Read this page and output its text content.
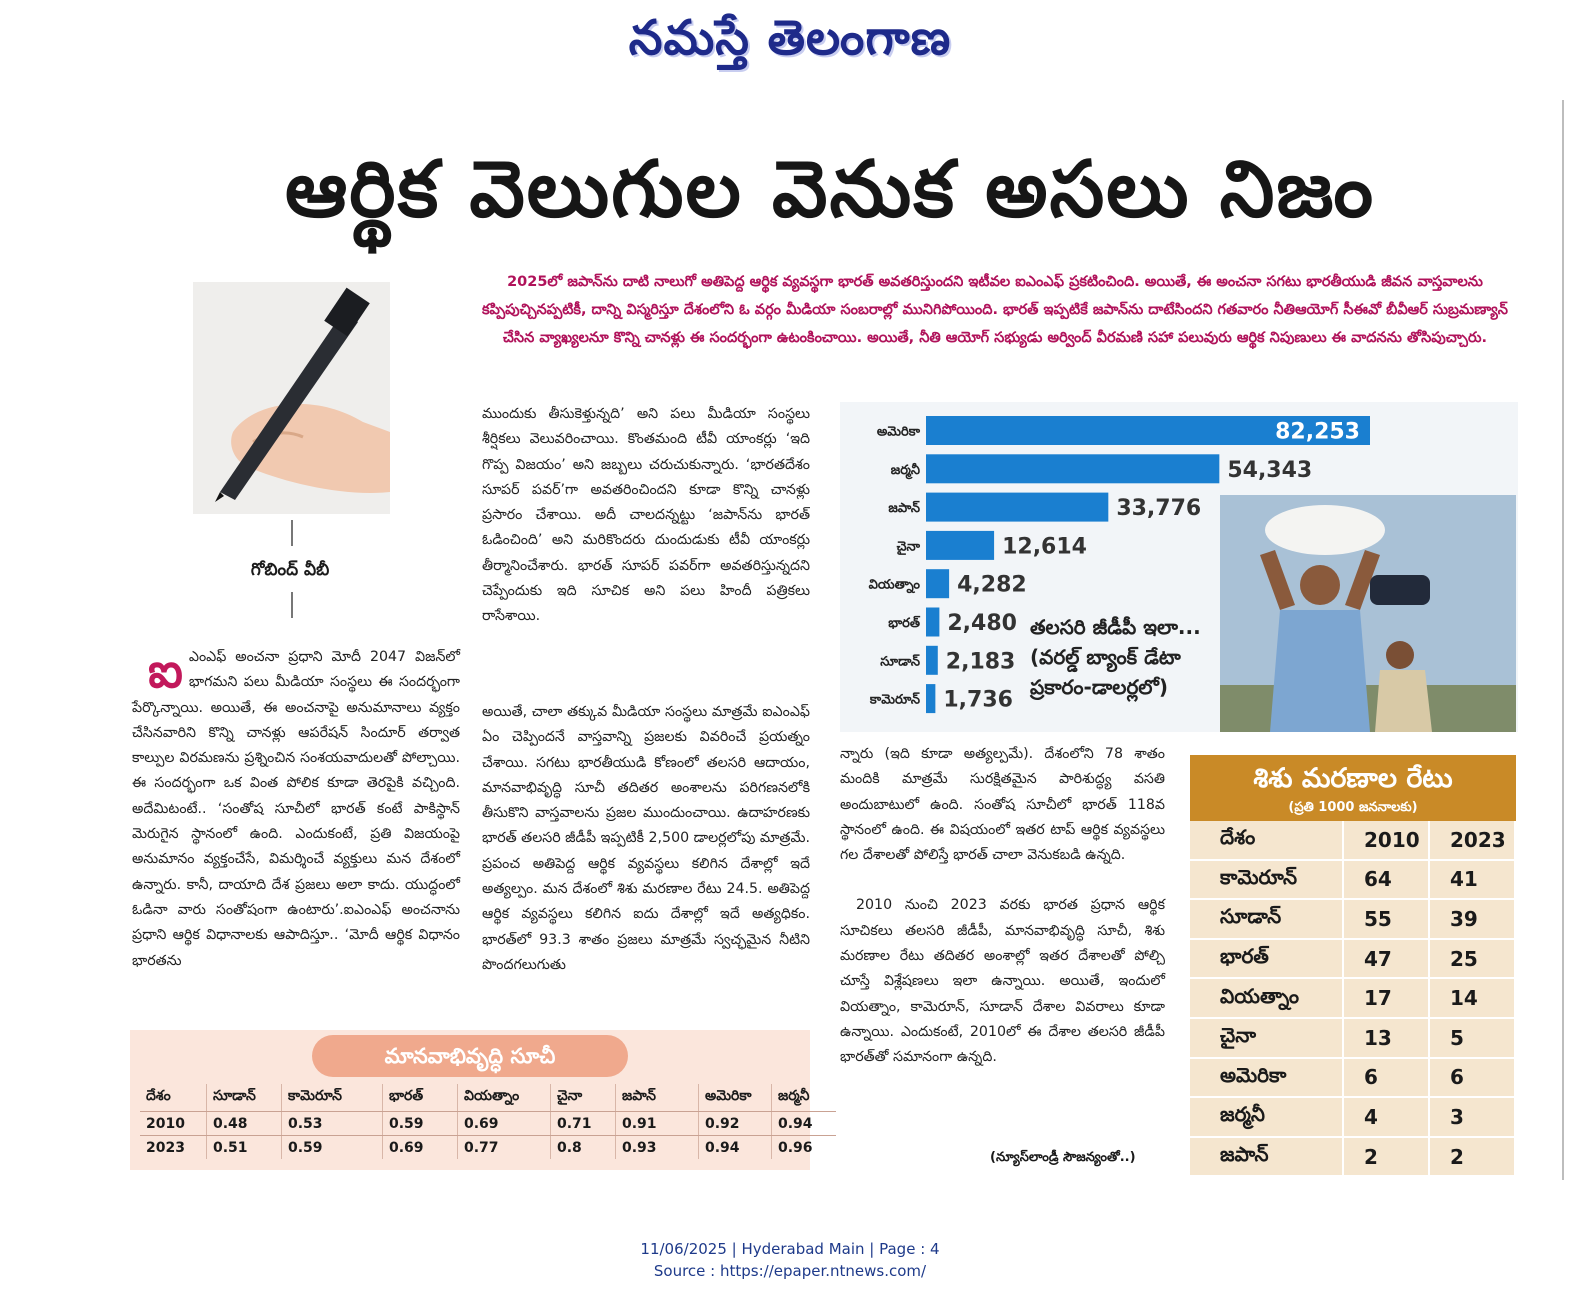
నమస్తే తెలంగాణ
ఆర్థిక వెలుగుల వెనుక అసలు నిజం
గోబింద్ వీబీ
2025లో జపాన్‌ను దాటి నాలుగో అతిపెద్ద ఆర్థిక వ్యవస్థగా భారత్ అవతరిస్తుందని ఇటీవల ఐఎంఎఫ్ ప్రకటించింది. అయితే, ఈ అంచనా సగటు భారతీయుడి జీవన వాస్తవాలను కప్పిపుచ్చినప్పటికీ, దాన్ని విస్మరిస్తూ దేశంలోని ఓ వర్గం మీడియా సంబరాల్లో మునిగిపోయింది. భారత్ ఇప్పటికే జపాన్‌ను దాటేసిందని గతవారం నీతిఆయోగ్ సీఈవో బీవీఆర్ సుబ్రమణ్యాన్ చేసిన వ్యాఖ్యలనూ కొన్ని చానళ్లు ఈ సందర్భంగా ఉటంకించాయి. అయితే, నీతి ఆయోగ్ సభ్యుడు అర్వింద్ వీరమణి సహా పలువురు ఆర్థిక నిపుణులు ఈ వాదనను తోసిపుచ్చారు.
ఐఎంఎఫ్ అంచనా ప్రధాని మోదీ 2047 విజన్‌లో భాగమని పలు మీడియా సంస్థలు ఈ సందర్భంగా పేర్కొన్నాయి. అయితే, ఈ అంచనాపై అనుమానాలు వ్యక్తం చేసినవారిని కొన్ని చానళ్లు ఆపరేషన్ సిందూర్ తర్వాత కాల్పుల విరమణను ప్రశ్నించిన సంశయవాదులతో పోల్చాయి. ఈ సందర్భంగా ఒక వింత పోలిక కూడా తెరపైకి వచ్చింది. అదేమిటంటే.. ‘సంతోష సూచీలో భారత్ కంటే పాకిస్థాన్ మెరుగైన స్థానంలో ఉంది. ఎందుకంటే, ప్రతి విజయంపై అనుమానం వ్యక్తంచేసే, విమర్శించే వ్యక్తులు మన దేశంలో ఉన్నారు. కానీ, దాయాది దేశ ప్రజలు అలా కాదు. యుద్ధంలో ఓడినా వారు సంతోషంగా ఉంటారు’.ఐఎంఎఫ్ అంచనాను ప్రధాని ఆర్థిక విధానాలకు ఆపాదిస్తూ.. ‘మోదీ ఆర్థిక విధానం భారతను
ముందుకు తీసుకెళ్తున్నది’ అని పలు మీడియా సంస్థలు శీర్షికలు వెలువరించాయి. కొంతమంది టీవీ యాంకర్లు ‘ఇది గొప్ప విజయం’ అని జబ్బలు చరుచుకున్నారు. ‘భారతదేశం సూపర్ పవర్’గా అవతరించిందని కూడా కొన్ని చానళ్లు ప్రసారం చేశాయి. అదీ చాలదన్నట్టు ‘జపాన్‌ను భారత్ ఓడించింది’ అని మరికొందరు దుందుడుకు టీవీ యాంకర్లు తీర్మానించేశారు. భారత్ సూపర్ పవర్‌గా అవతరిస్తున్నదని చెప్పేందుకు ఇది సూచిక అని పలు హిందీ పత్రికలు రాసేశాయి.
అయితే, చాలా తక్కువ మీడియా సంస్థలు మాత్రమే ఐఎంఎఫ్ ఏం చెప్పిందనే వాస్తవాన్ని ప్రజలకు వివరించే ప్రయత్నం చేశాయి. సగటు భారతీయుడి కోణంలో తలసరి ఆదాయం, మానవాభివృద్ధి సూచీ తదితర అంశాలను పరిగణనలోకి తీసుకొని వాస్తవాలను ప్రజల ముందుంచాయి. ఉదాహరణకు భారత్ తలసరి జీడీపీ ఇప్పటికీ 2,500 డాలర్లలోపు మాత్రమే. ప్రపంచ అతిపెద్ద ఆర్థిక వ్యవస్థలు కలిగిన దేశాల్లో ఇదే అత్యల్పం. మన దేశంలో శిశు మరణాల రేటు 24.5. అతిపెద్ద ఆర్థిక వ్యవస్థలు కలిగిన ఐదు దేశాల్లో ఇదే అత్యధికం. భారత్‌లో 93.3 శాతం ప్రజలు మాత్రమే స్వచ్ఛమైన నీటిని పొందగలుగుతు
అమెరికా	82,253
జర్మనీ	54,343
జపాన్	33,776
చైనా	12,614
వియత్నాం 4,282
భారత్ 2,480
సూడాన్ 2,183
కామెరూన్ 1,736
తలసరి జీడీపీ ఇలా...
(వరల్డ్ బ్యాంక్ డేటా
ప్రకారం-డాలర్లలో)
న్నారు (ఇది కూడా అత్యల్పమే). దేశంలోని 78 శాతం మందికి మాత్రమే సురక్షితమైన పారిశుద్ధ్య వసతి అందుబాటులో ఉంది. సంతోష సూచీలో భారత్ 118వ స్థానంలో ఉంది. ఈ విషయంలో ఇతర టాప్ ఆర్థిక వ్యవస్థలు గల దేశాలతో పోలిస్తే భారత్ చాలా వెనుకబడి ఉన్నది.
2010 నుంచి 2023 వరకు భారత ప్రధాన ఆర్థిక సూచికలు తలసరి జీడీపీ, మానవాభివృద్ధి సూచీ, శిశు మరణాల రేటు తదితర అంశాల్లో ఇతర దేశాలతో పోల్చి చూస్తే విశ్లేషణలు ఇలా ఉన్నాయి. అయితే, ఇందులో వియత్నాం, కామెరూన్, సూడాన్ దేశాల వివరాలు కూడా ఉన్నాయి. ఎందుకంటే, 2010లో ఈ దేశాల తలసరి జీడీపీ భారత్‌తో సమానంగా ఉన్నది.
(న్యూస్‌లాండ్రీ సౌజన్యంతో..)
మానవాభివృద్ధి సూచీ
దేశం	సూడాన్	కామెరూన్	భారత్	వియత్నాం	చైనా	జపాన్	అమెరికా	జర్మనీ
2010	0.48	0.53	0.59	0.69	0.71	0.91	0.92	0.94
2023	0.51	0.59	0.69	0.77	0.8	0.93	0.94	0.96
శిశు మరణాల రేటు
(ప్రతి 1000 జననాలకు)
దేశం	2010	2023
కామెరూన్	64	41
సూడాన్	55	39
భారత్	47	25
వియత్నాం	17	14
చైనా	13	5
అమెరికా	6	6
జర్మనీ	4	3
జపాన్	2	2
11/06/2025 | Hyderabad Main | Page : 4
Source : https://epaper.ntnews.com/
